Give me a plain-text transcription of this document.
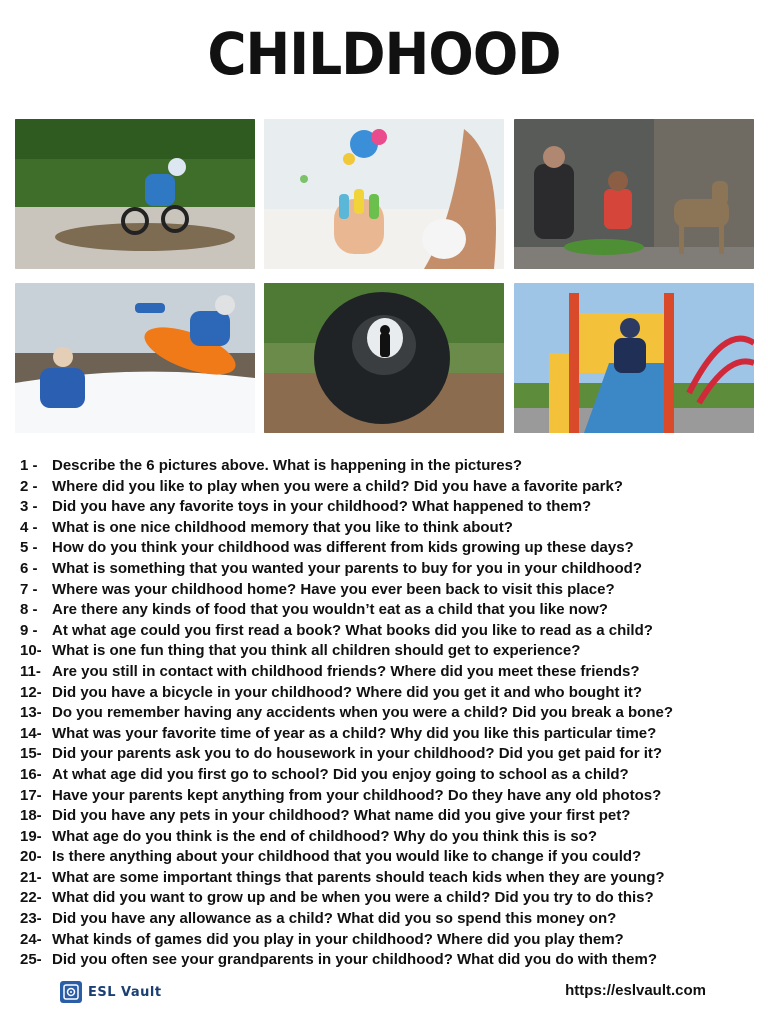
CHILDHOOD
1 - Describe the 6 pictures above. What is happening in the pictures?
2 - Where did you like to play when you were a child? Did you have a favorite park?
3 - Did you have any favorite toys in your childhood? What happened to them?
4 - What is one nice childhood memory that you like to think about?
5 - How do you think your childhood was different from kids growing up these days?
6 - What is something that you wanted your parents to buy for you in your childhood?
7 - Where was your childhood home? Have you ever been back to visit this place?
8 - Are there any kinds of food that you wouldn’t eat as a child that you like now?
9 - At what age could you first read a book? What books did you like to read as a child?
10- What is one fun thing that you think all children should get to experience?
11- Are you still in contact with childhood friends? Where did you meet these friends?
12- Did you have a bicycle in your childhood? Where did you get it and who bought it?
13- Do you remember having any accidents when you were a child? Did you break a bone?
14- What was your favorite time of year as a child? Why did you like this particular time?
15- Did your parents ask you to do housework in your childhood? Did you get paid for it?
16- At what age did you first go to school? Did you enjoy going to school as a child?
17- Have your parents kept anything from your childhood? Do they have any old photos?
18- Did you have any pets in your childhood? What name did you give your first pet?
19- What age do you think is the end of childhood? Why do you think this is so?
20- Is there anything about your childhood that you would like to change if you could?
21- What are some important things that parents should teach kids when they are young?
22- What did you want to grow up and be when you were a child? Did you try to do this?
23- Did you have any allowance as a child? What did you so spend this money on?
24- What kinds of games did you play in your childhood? Where did you play them?
25- Did you often see your grandparents in your childhood? What did you do with them?
ESL Vault	https://eslvault.com
